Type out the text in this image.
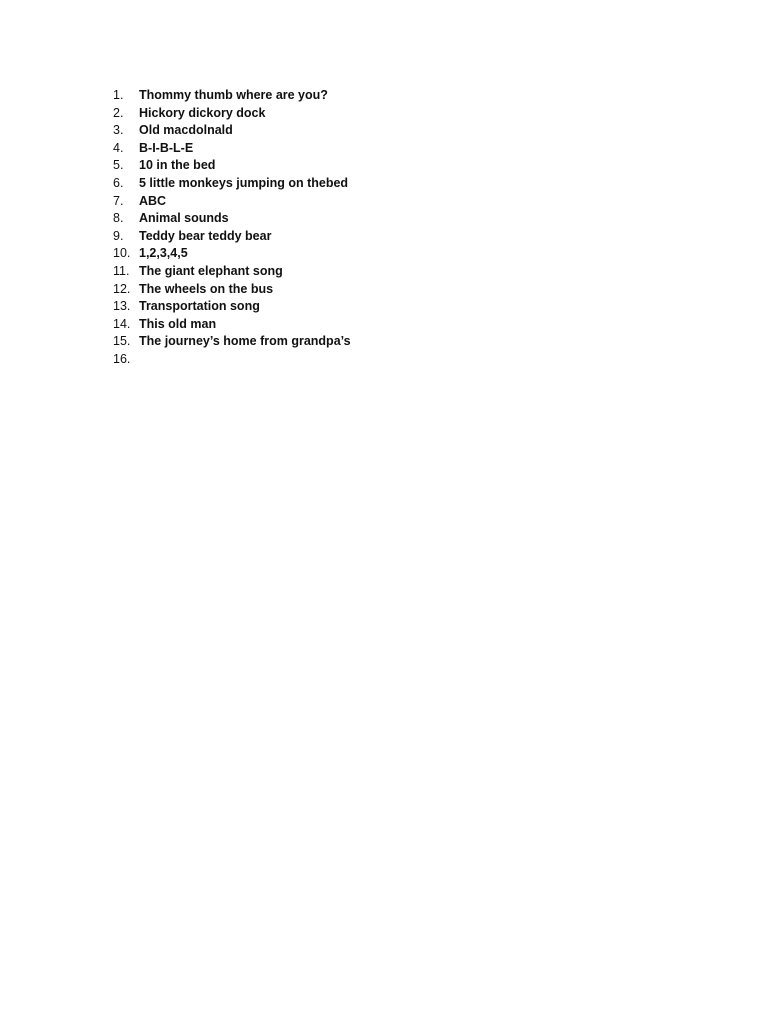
1.	Thommy thumb where are you?
2.	Hickory dickory dock
3.	Old macdolnald
4.	B-I-B-L-E
5.	10 in the bed
6.	5 little monkeys jumping on thebed
7.	ABC
8.	Animal sounds
9.	Teddy bear teddy bear
10. 1,2,3,4,5
11. The giant elephant song
12. The wheels on the bus
13. Transportation song
14. This old man
15. The journey’s home from grandpa’s
16.
